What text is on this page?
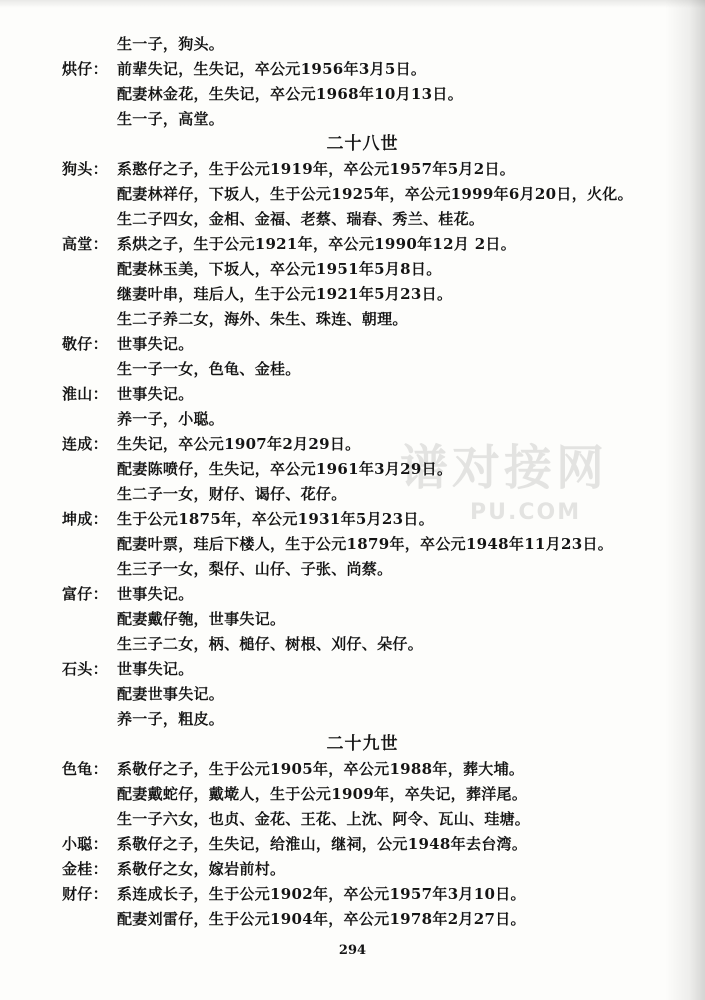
生一子，狗头。
烘仔： 前辈失记，生失记，卒公元1956年3月5日。
配妻林金花，生失记，卒公元1968年10月13日。
生一子，高堂。
二十八世
狗头： 系憨仔之子，生于公元1919年，卒公元1957年5月2日。
配妻林祥仔，下坂人，生于公元1925年，卒公元1999年6月20日，火化。
生二子四女，金相、金福、老蔡、瑞春、秀兰、桂花。
高堂： 系烘之子，生于公元1921年，卒公元1990年12月 2日。
配妻林玉美，下坂人，卒公元1951年5月8日。
继妻叶串，珪后人，生于公元1921年5月23日。
生二子养二女，海外、朱生、珠连、朝理。
敬仔： 世事失记。
生一子一女，色龟、金桂。
淮山： 世事失记。
养一子，小聪。
连成： 生失记，卒公元1907年2月29日。
配妻陈喷仔，生失记，卒公元1961年3月29日。
生二子一女，财仔、谒仔、花仔。
坤成： 生于公元1875年，卒公元1931年5月23日。
配妻叶票，珪后下楼人，生于公元1879年，卒公元1948年11月23日。
生三子一女，梨仔、山仔、子张、尚蔡。
富仔： 世事失记。
配妻戴仔匏，世事失记。
生三子二女，柄、槌仔、树根、刈仔、朵仔。
石头： 世事失记。
配妻世事失记。
养一子，粗皮。
二十九世
色龟： 系敬仔之子，生于公元1905年，卒公元1988年，葬大埔。
配妻戴蛇仔，戴墘人，生于公元1909年，卒失记，葬洋尾。
生一子六女，也贞、金花、王花、上沈、阿令、瓦山、珪塘。
小聪： 系敬仔之子，生失记，给淮山，继祠，公元1948年去台湾。
金桂： 系敬仔之女，嫁岩前村。
财仔： 系连成长子，生于公元1902年，卒公元1957年3月10日。
配妻刘雷仔，生于公元1904年，卒公元1978年2月27日。
谱对接网
PU.COM
294
